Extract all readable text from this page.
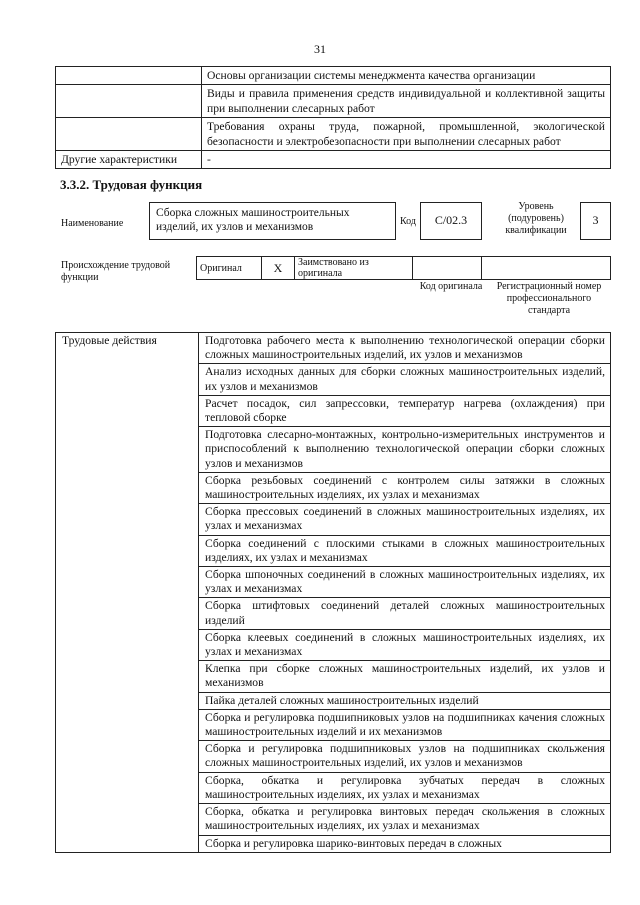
31
	Основы организации системы менеджмента качества организации
	Виды и правила применения средств индивидуальной и коллективной защиты при выполнении слесарных работ
	Требования охраны труда, пожарной, промышленной, экологической безопасности и электробезопасности при выполнении слесарных работ
Другие характеристики	-
3.3.2. Трудовая функция
Наименование
Сборка сложных машиностроительных изделий, их узлов и механизмов	Код	C/02.3
Уровень (подуровень) квалификации
3
Происхождение трудовой функции
Оригинал	X	Заимствовано из оригинала		
Код оригинала	Регистрационный номер профессионального стандарта
Трудовые действия	Подготовка рабочего места к выполнению технологической операции сборки сложных машиностроительных изделий, их узлов и механизмов
Анализ исходных данных для сборки сложных машиностроительных изделий, их узлов и механизмов
Расчет посадок, сил запрессовки, температур нагрева (охлаждения) при тепловой сборке
Подготовка слесарно-монтажных, контрольно-измерительных инструментов и приспособлений к выполнению технологической операции сборки сложных узлов и механизмов
Сборка резьбовых соединений с контролем силы затяжки в сложных машиностроительных изделиях, их узлах и механизмах
Сборка прессовых соединений в сложных машиностроительных изделиях, их узлах и механизмах
Сборка соединений с плоскими стыками в сложных машиностроительных изделиях, их узлах и механизмах
Сборка шпоночных соединений в сложных машиностроительных изделиях, их узлах и механизмах
Сборка штифтовых соединений деталей сложных машиностроительных изделий
Сборка клеевых соединений в сложных машиностроительных изделиях, их узлах и механизмах
Клепка при сборке сложных машиностроительных изделий, их узлов и механизмов
Пайка деталей сложных машиностроительных изделий
Сборка и регулировка подшипниковых узлов на подшипниках качения сложных машиностроительных изделий и их механизмов
Сборка и регулировка подшипниковых узлов на подшипниках скольжения сложных машиностроительных изделий, их узлов и механизмов
Сборка, обкатка и регулировка зубчатых передач в сложных машиностроительных изделиях, их узлах и механизмах
Сборка, обкатка и регулировка винтовых передач скольжения в сложных машиностроительных изделиях, их узлах и механизмах
Сборка и регулировка шарико-винтовых передач в сложных
